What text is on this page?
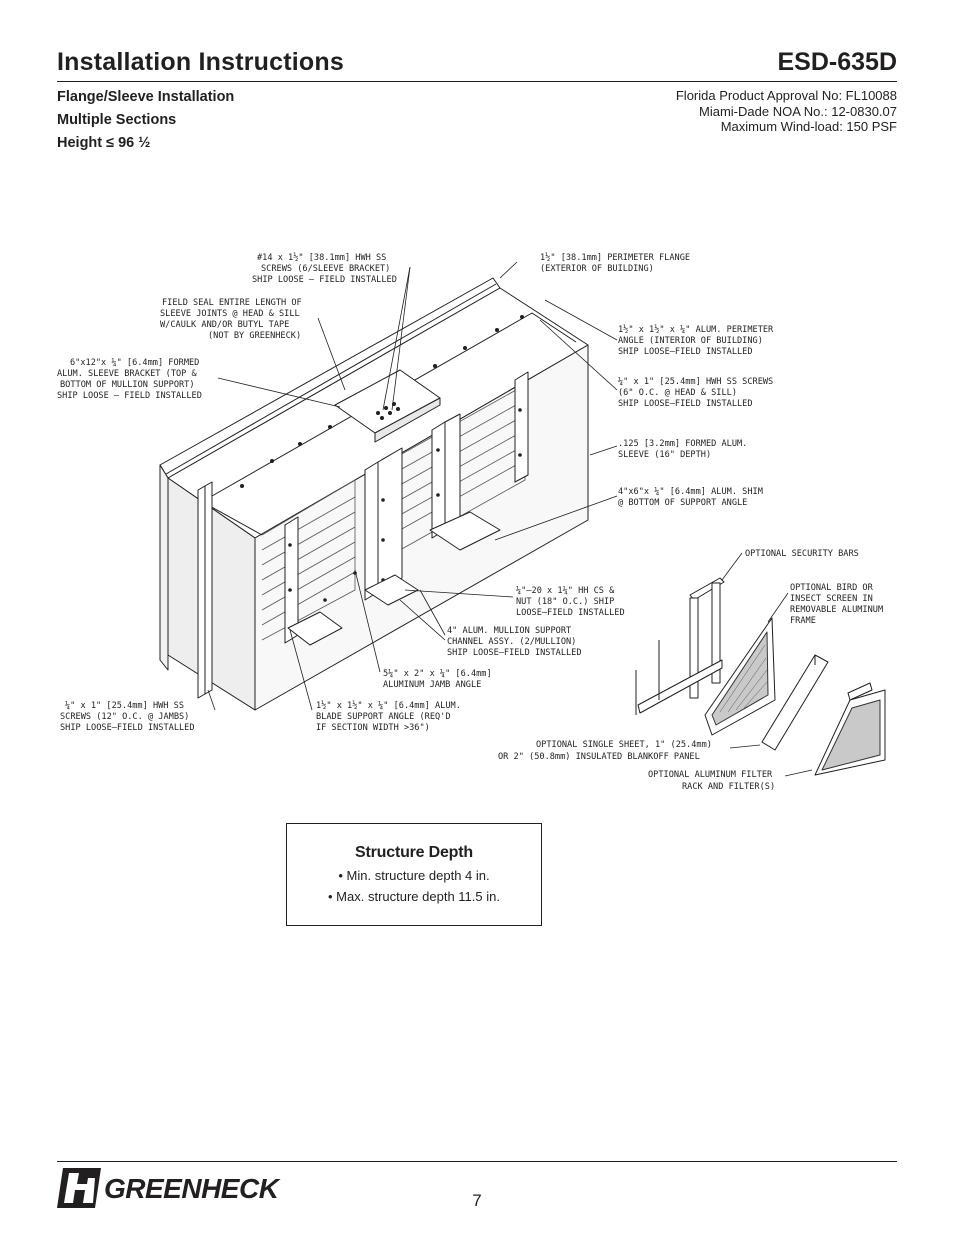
Installation Instructions	ESD-635D
Flange/Sleeve Installation
Multiple Sections
Height ≤ 96 ½
Florida Product Approval No: FL10088
Miami-Dade NOA No.: 12-0830.07
Maximum Wind-load: 150 PSF
#14 x 1½" [38.1mm] HWH SS
SCREWS (6/SLEEVE BRACKET)
SHIP LOOSE – FIELD INSTALLED
1½" [38.1mm] PERIMETER FLANGE
(EXTERIOR OF BUILDING)
FIELD SEAL ENTIRE LENGTH OF
SLEEVE JOINTS @ HEAD & SILL
W/CAULK AND/OR BUTYL TAPE
(NOT BY GREENHECK)
1½" x 1½" x ¼" ALUM. PERIMETER
ANGLE (INTERIOR OF BUILDING)
SHIP LOOSE–FIELD INSTALLED
6"x12"x ¼" [6.4mm] FORMED
ALUM. SLEEVE BRACKET (TOP &
BOTTOM OF MULLION SUPPORT)
SHIP LOOSE – FIELD INSTALLED
¼" x 1" [25.4mm] HWH SS SCREWS
(6" O.C. @ HEAD & SILL)
SHIP LOOSE–FIELD INSTALLED
.125 [3.2mm] FORMED ALUM.
SLEEVE (16" DEPTH)
4"x6"x ¼" [6.4mm] ALUM. SHIM
@ BOTTOM OF SUPPORT ANGLE
OPTIONAL SECURITY BARS
¼"–20 x 1¼" HH CS &
NUT (18" O.C.) SHIP
LOOSE–FIELD INSTALLED
OPTIONAL BIRD OR
INSECT SCREEN IN
REMOVABLE ALUMINUM
FRAME
4" ALUM. MULLION SUPPORT
CHANNEL ASSY. (2/MULLION)
SHIP LOOSE–FIELD INSTALLED
5¼" x 2" x ¼" [6.4mm]
ALUMINUM JAMB ANGLE
¼" x 1" [25.4mm] HWH SS
SCREWS (12" O.C. @ JAMBS)
SHIP LOOSE–FIELD INSTALLED
1½" x 1½" x ¼" [6.4mm] ALUM.
BLADE SUPPORT ANGLE (REQ'D
IF SECTION WIDTH >36")
OPTIONAL SINGLE SHEET, 1" (25.4mm)
OR 2" (50.8mm) INSULATED BLANKOFF PANEL
OPTIONAL ALUMINUM FILTER
RACK AND FILTER(S)
Structure Depth
• Min. structure depth 4 in.
• Max. structure depth 11.5 in.
GREENHECK	7
